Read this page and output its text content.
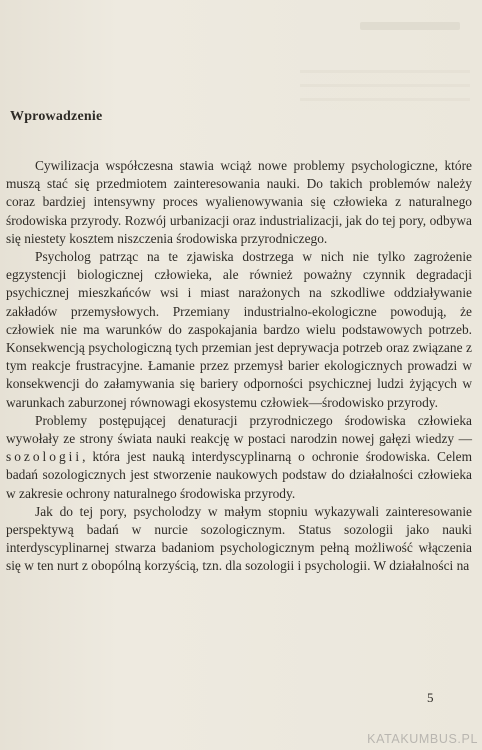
Wprowadzenie

Cywilizacja współczesna stawia wciąż nowe problemy psychologiczne, które muszą stać się przedmiotem zainteresowania nauki. Do takich problemów należy coraz bardziej intensywny proces wyalienowywania się człowieka z naturalnego środowiska przyrody. Rozwój urbanizacji oraz industrializacji, jak do tej pory, odbywa się niestety kosztem niszczenia środowiska przyrodniczego.

Psycholog patrząc na te zjawiska dostrzega w nich nie tylko zagrożenie egzystencji biologicznej człowieka, ale również poważny czynnik degradacji psychicznej mieszkańców wsi i miast narażonych na szkodliwe oddziaływanie zakładów przemysłowych. Przemiany industrialno-ekologiczne powodują, że człowiek nie ma warunków do zaspokajania bardzo wielu podstawowych potrzeb. Konsekwencją psychologiczną tych przemian jest deprywacja potrzeb oraz związane z tym reakcje frustracyjne. Łamanie przez przemysł barier ekologicznych prowadzi w konsekwencji do załamywania się bariery odporności psychicznej ludzi żyjących w warunkach zaburzonej równowagi ekosystemu człowiek—środowisko przyrody.

Problemy postępującej denaturacji przyrodniczego środowiska człowieka wywołały ze strony świata nauki reakcję w postaci narodzin nowej gałęzi wiedzy — sozologii, która jest nauką interdyscyplinarną o ochronie środowiska. Celem badań sozologicznych jest stworzenie naukowych podstaw do działalności człowieka w zakresie ochrony naturalnego środowiska przyrody.

Jak do tej pory, psycholodzy w małym stopniu wykazywali zainteresowanie perspektywą badań w nurcie sozologicznym. Status sozologii jako nauki interdyscyplinarnej stwarza badaniom psychologicznym pełną możliwość włączenia się w ten nurt z obopólną korzyścią, tzn. dla sozologii i psychologii. W działalności na

5
KATAKUMBUS.PL
